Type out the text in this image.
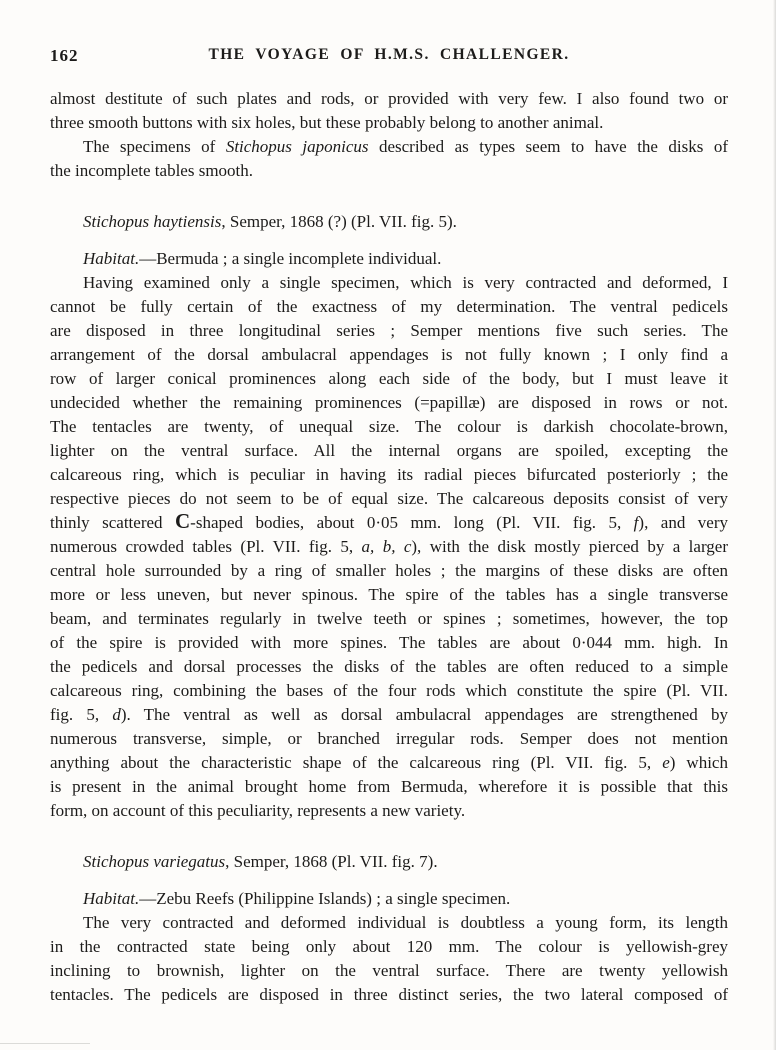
162	THE VOYAGE OF H.M.S. CHALLENGER.
almost destitute of such plates and rods, or provided with very few. I also found two or
three smooth buttons with six holes, but these probably belong to another animal.
The specimens of Stichopus japonicus described as types seem to have the disks of
the incomplete tables smooth.
Stichopus haytiensis, Semper, 1868 (?) (Pl. VII. fig. 5).
Habitat.—Bermuda ; a single incomplete individual.
Having examined only a single specimen, which is very contracted and deformed, I
cannot be fully certain of the exactness of my determination. The ventral pedicels
are disposed in three longitudinal series ; Semper mentions five such series. The
arrangement of the dorsal ambulacral appendages is not fully known ; I only find a
row of larger conical prominences along each side of the body, but I must leave it
undecided whether the remaining prominences (=papillæ) are disposed in rows or not.
The tentacles are twenty, of unequal size. The colour is darkish chocolate-brown,
lighter on the ventral surface. All the internal organs are spoiled, excepting the
calcareous ring, which is peculiar in having its radial pieces bifurcated posteriorly ; the
respective pieces do not seem to be of equal size. The calcareous deposits consist of very
thinly scattered C-shaped bodies, about 0·05 mm. long (Pl. VII. fig. 5, f), and very
numerous crowded tables (Pl. VII. fig. 5, a, b, c), with the disk mostly pierced by a larger
central hole surrounded by a ring of smaller holes ; the margins of these disks are often
more or less uneven, but never spinous. The spire of the tables has a single transverse
beam, and terminates regularly in twelve teeth or spines ; sometimes, however, the top
of the spire is provided with more spines. The tables are about 0·044 mm. high. In
the pedicels and dorsal processes the disks of the tables are often reduced to a simple
calcareous ring, combining the bases of the four rods which constitute the spire (Pl. VII.
fig. 5, d). The ventral as well as dorsal ambulacral appendages are strengthened by
numerous transverse, simple, or branched irregular rods. Semper does not mention
anything about the characteristic shape of the calcareous ring (Pl. VII. fig. 5, e) which
is present in the animal brought home from Bermuda, wherefore it is possible that this
form, on account of this peculiarity, represents a new variety.
Stichopus variegatus, Semper, 1868 (Pl. VII. fig. 7).
Habitat.—Zebu Reefs (Philippine Islands) ; a single specimen.
The very contracted and deformed individual is doubtless a young form, its length
in the contracted state being only about 120 mm. The colour is yellowish-grey
inclining to brownish, lighter on the ventral surface. There are twenty yellowish
tentacles. The pedicels are disposed in three distinct series, the two lateral composed of
